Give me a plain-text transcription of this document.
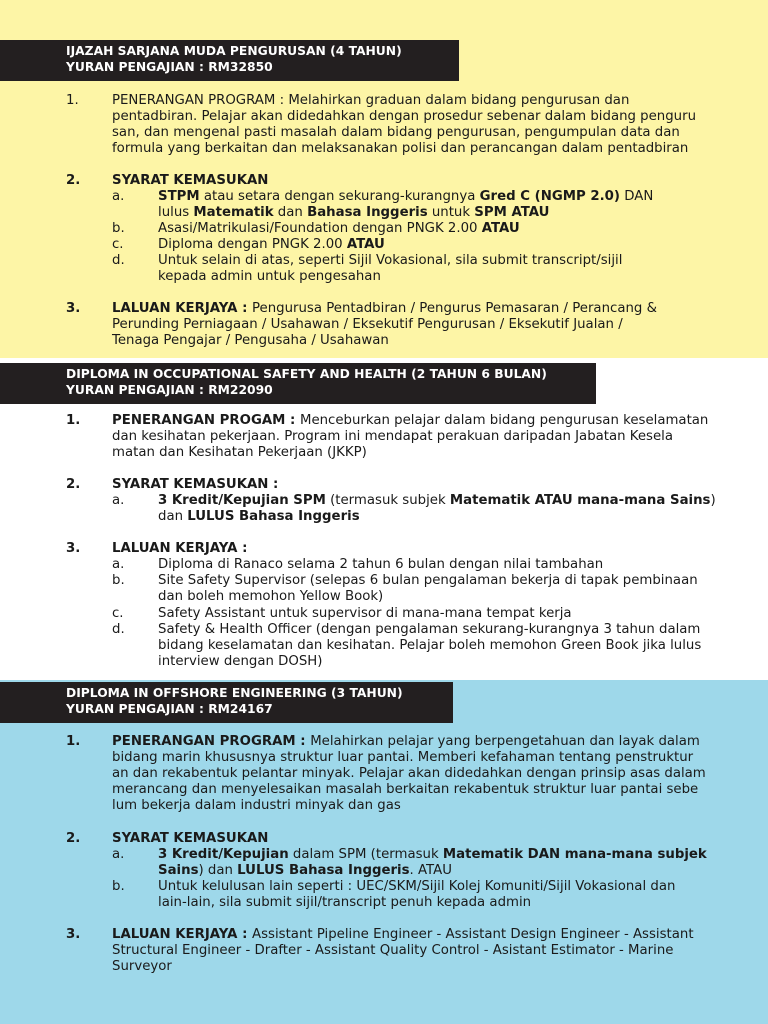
IJAZAH SARJANA MUDA PENGURUSAN (4 TAHUN)
YURAN PENGAJIAN : RM32850
1.	PENERANGAN PROGRAM : Melahirkan graduan dalam bidang pengurusan dan
pentadbiran. Pelajar akan didedahkan dengan prosedur sebenar dalam bidang penguru
san, dan mengenal pasti masalah dalam bidang pengurusan, pengumpulan data dan
formula yang berkaitan dan melaksanakan polisi dan perancangan dalam pentadbiran
2. SYARAT KEMASUKAN
a.	STPM atau setara dengan sekurang-kurangnya Gred C (NGMP 2.0) DAN
lulus Matematik dan Bahasa Inggeris untuk SPM ATAU
b.	Asasi/Matrikulasi/Foundation dengan PNGK 2.00 ATAU
c.	Diploma dengan PNGK 2.00 ATAU
d.	Untuk selain di atas, seperti Sijil Vokasional, sila submit transcript/sijil
kepada admin untuk pengesahan
3. LALUAN KERJAYA : Pengurusa Pentadbiran / Pengurus Pemasaran / Perancang &
Perunding Perniagaan / Usahawan / Eksekutif Pengurusan / Eksekutif Jualan /
Tenaga Pengajar / Pengusaha / Usahawan
DIPLOMA IN OCCUPATIONAL SAFETY AND HEALTH (2 TAHUN 6 BULAN)
YURAN PENGAJIAN : RM22090
1. PENERANGAN PROGAM : Menceburkan pelajar dalam bidang pengurusan keselamatan
dan kesihatan pekerjaan. Program ini mendapat perakuan daripadan Jabatan Kesela
matan dan Kesihatan Pekerjaan (JKKP)
2. SYARAT KEMASUKAN :
a.	3 Kredit/Kepujian SPM (termasuk subjek Matematik ATAU mana-mana Sains)
dan LULUS Bahasa Inggeris
3. LALUAN KERJAYA :
a.	Diploma di Ranaco selama 2 tahun 6 bulan dengan nilai tambahan
b.	Site Safety Supervisor (selepas 6 bulan pengalaman bekerja di tapak pembinaan
dan boleh memohon Yellow Book)
c.	Safety Assistant untuk supervisor di mana-mana tempat kerja
d.	Safety & Health Officer (dengan pengalaman sekurang-kurangnya 3 tahun dalam
bidang keselamatan dan kesihatan. Pelajar boleh memohon Green Book jika lulus
interview dengan DOSH)
DIPLOMA IN OFFSHORE ENGINEERING (3 TAHUN)
YURAN PENGAJIAN : RM24167
1. PENERANGAN PROGRAM : Melahirkan pelajar yang berpengetahuan dan layak dalam
bidang marin khususnya struktur luar pantai. Memberi kefahaman tentang penstruktur
an dan rekabentuk pelantar minyak. Pelajar akan didedahkan dengan prinsip asas dalam
merancang dan menyelesaikan masalah berkaitan rekabentuk struktur luar pantai sebe
lum bekerja dalam industri minyak dan gas
2. SYARAT KEMASUKAN
a.	3 Kredit/Kepujian dalam SPM (termasuk Matematik DAN mana-mana subjek
Sains) dan LULUS Bahasa Inggeris. ATAU
b.	Untuk kelulusan lain seperti : UEC/SKM/Sijil Kolej Komuniti/Sijil Vokasional dan
lain-lain, sila submit sijil/transcript penuh kepada admin
3. LALUAN KERJAYA : Assistant Pipeline Engineer - Assistant Design Engineer - Assistant
Structural Engineer - Drafter - Assistant Quality Control - Asistant Estimator - Marine
Surveyor
